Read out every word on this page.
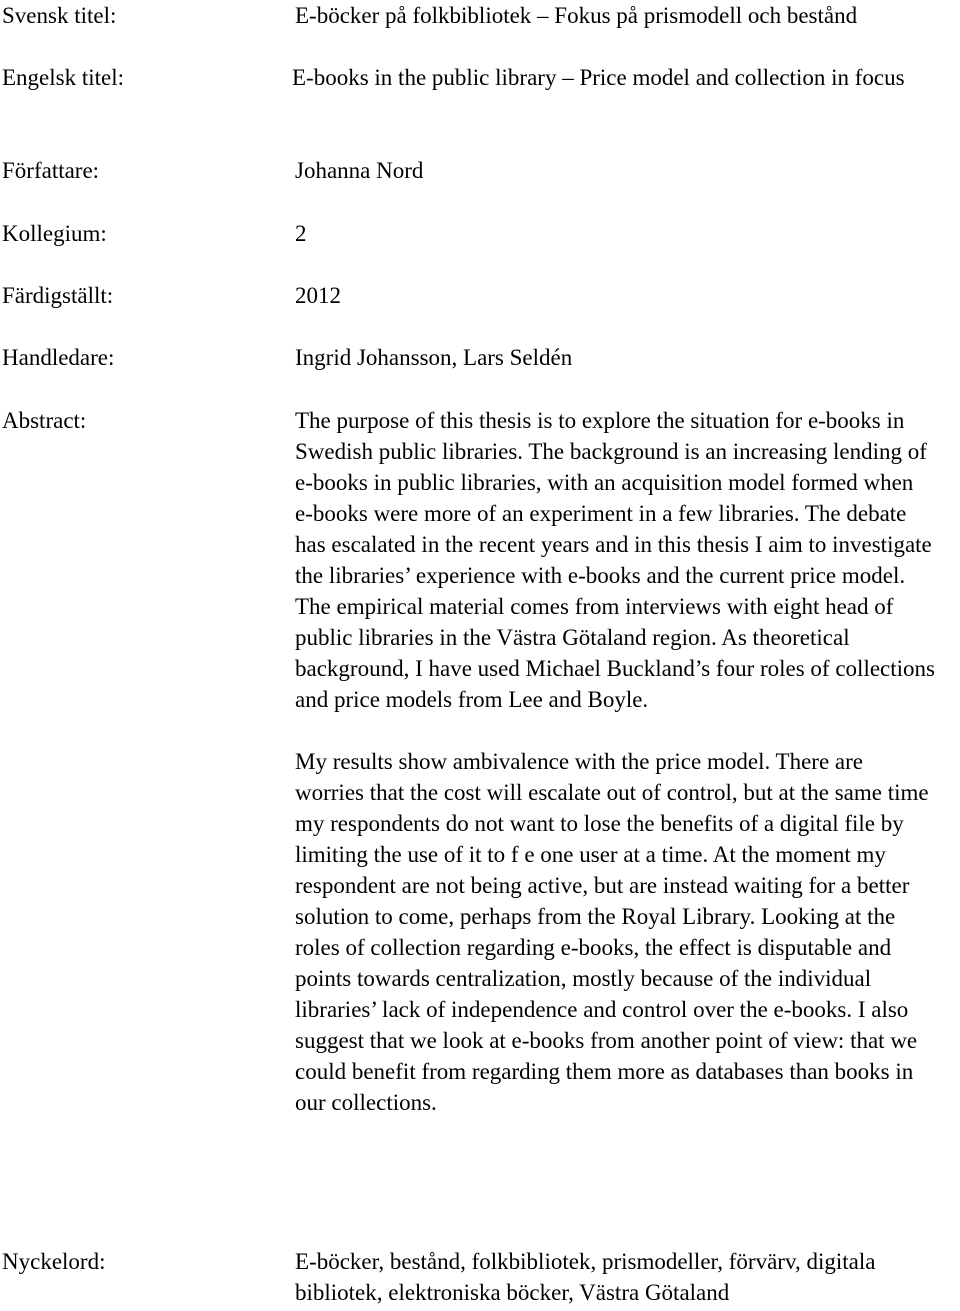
Svensk titel:	E-böcker på folkbibliotek – Fokus på prismodell och bestånd
Engelsk titel:	E-books in the public library – Price model and collection in focus
Författare:	Johanna Nord
Kollegium:	2
Färdigställt:	2012
Handledare:	Ingrid Johansson, Lars Seldén
Abstract:	The purpose of this thesis is to explore the situation for e-books in Swedish public libraries. The background is an increasing lending of e-books in public libraries, with an acquisition model formed when e-books were more of an experiment in a few libraries. The debate has escalated in the recent years and in this thesis I aim to investigate the libraries’ experience with e-books and the current price model. The empirical material comes from interviews with eight head of public libraries in the Västra Götaland region. As theoretical background, I have used Michael Buckland’s four roles of collections and price models from Lee and Boyle.

My results show ambivalence with the price model. There are worries that the cost will escalate out of control, but at the same time my respondents do not want to lose the benefits of a digital file by limiting the use of it to f e one user at a time. At the moment my respondent are not being active, but are instead waiting for a better solution to come, perhaps from the Royal Library. Looking at the roles of collection regarding e-books, the effect is disputable and points towards centralization, mostly because of the individual libraries’ lack of independence and control over the e-books. I also suggest that we look at e-books from another point of view: that we could benefit from regarding them more as databases than books in our collections.

Nyckelord:	E-böcker, bestånd, folkbibliotek, prismodeller, förvärv, digitala bibliotek, elektroniska böcker, Västra Götaland
